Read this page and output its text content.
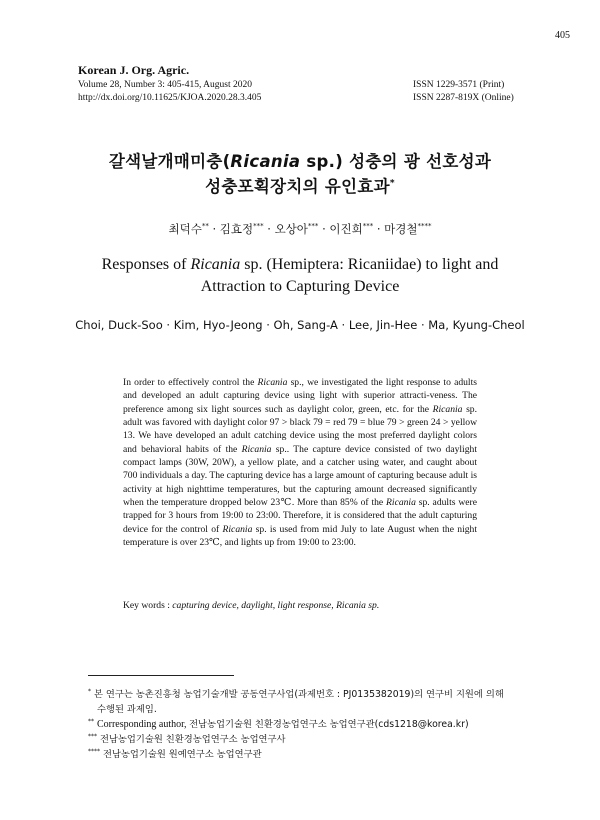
405
Korean J. Org. Agric.
Volume 28, Number 3: 405-415, August 2020
http://dx.doi.org/10.11625/KJOA.2020.28.3.405
ISSN 1229-3571 (Print)
ISSN 2287-819X (Online)
갈색날개매미충(Ricania sp.) 성충의 광 선호성과
성충포획장치의 유인효과*
최덕수** · 김효정*** · 오상아*** · 이진희*** · 마경철****
Responses of Ricania sp. (Hemiptera: Ricaniidae) to light and
Attraction to Capturing Device
Choi, Duck-Soo · Kim, Hyo-Jeong · Oh, Sang-A · Lee, Jin-Hee · Ma, Kyung-Cheol
In order to effectively control the Ricania sp., we investigated the light response to adults and developed an adult capturing device using light with superior attracti-veness. The preference among six light sources such as daylight color, green, etc. for the Ricania sp. adult was favored with daylight color 97 > black 79 = red 79 = blue 79 > green 24 > yellow 13. We have developed an adult catching device using the most preferred daylight colors and behavioral habits of the Ricania sp.. The capture device consisted of two daylight compact lamps (30W, 20W), a yellow plate, and a catcher using water, and caught about 700 individuals a day. The capturing device has a large amount of capturing because adult is activity at high nighttime temperatures, but the capturing amount decreased significantly when the temperature dropped below 23℃. More than 85% of the Ricania sp. adults were trapped for 3 hours from 19:00 to 23:00. Therefore, it is considered that the adult capturing device for the control of Ricania sp. is used from mid July to late August when the night temperature is over 23℃, and lights up from 19:00 to 23:00.
Key words : capturing device, daylight, light response, Ricania sp.
* 본 연구는 농촌진흥청 농업기술개발 공동연구사업(과제번호 : PJ0135382019)의 연구비 지원에 의해
수행된 과제임.
** Corresponding author, 전남농업기술원 친환경농업연구소 농업연구관(cds1218@korea.kr)
*** 전남농업기술원 친환경농업연구소 농업연구사
**** 전남농업기술원 원예연구소 농업연구관
